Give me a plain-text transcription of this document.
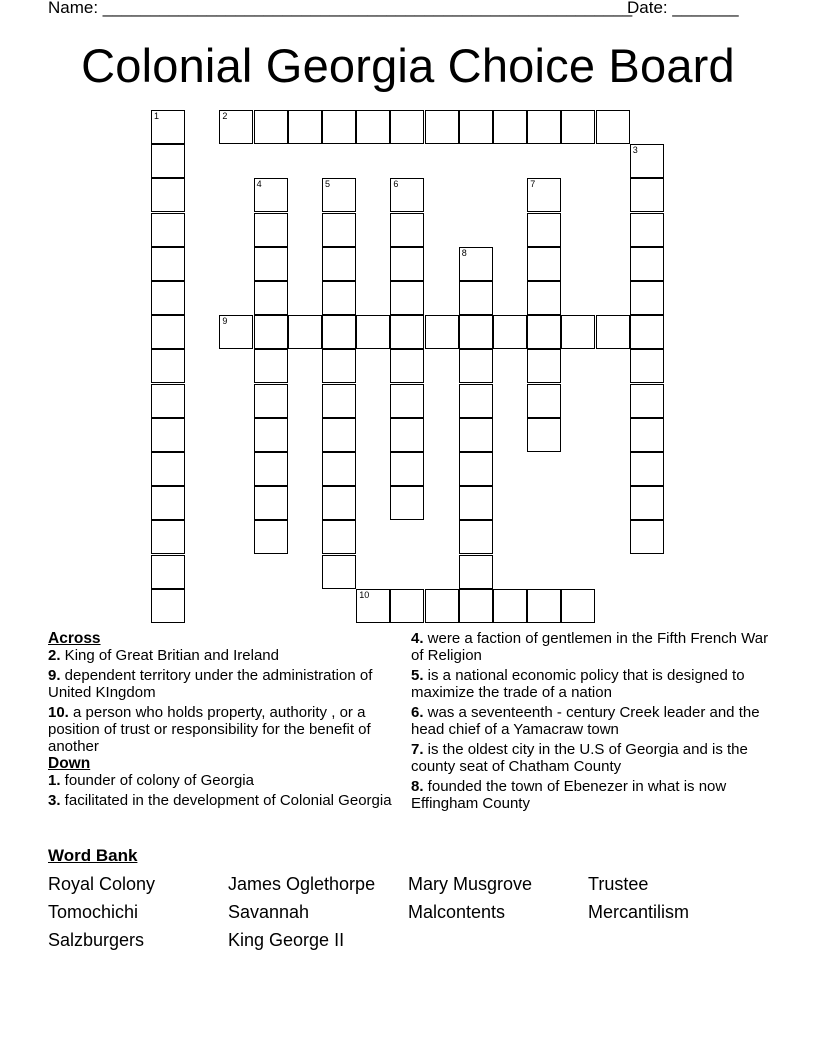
Name: ________________________________________________________
Date: _______
Colonial Georgia Choice Board
1	2
3
4	5	6	7
8
9
10

Across

2. King of Great Britian and Ireland

9. dependent territory under the administration of United KIngdom

10. a person who holds property, authority , or a position of trust or responsibility for the benefit of another

Down

1. founder of colony of Georgia

3. facilitated in the development of Colonial Georgia

4. were a faction of gentlemen in the Fifth French War of Religion

5. is a national economic policy that is designed to maximize the trade of a nation

6. was a seventeenth - century Creek leader and the head chief of a Yamacraw town

7. is the oldest city in the U.S of Georgia and is the county seat of Chatham County

8. founded the town of Ebenezer in what is now Effingham County

Word Bank
Royal Colony	James Oglethorpe	Mary Musgrove	Trustee
Tomochichi	Savannah	Malcontents	Mercantilism
Salzburgers	King George II
